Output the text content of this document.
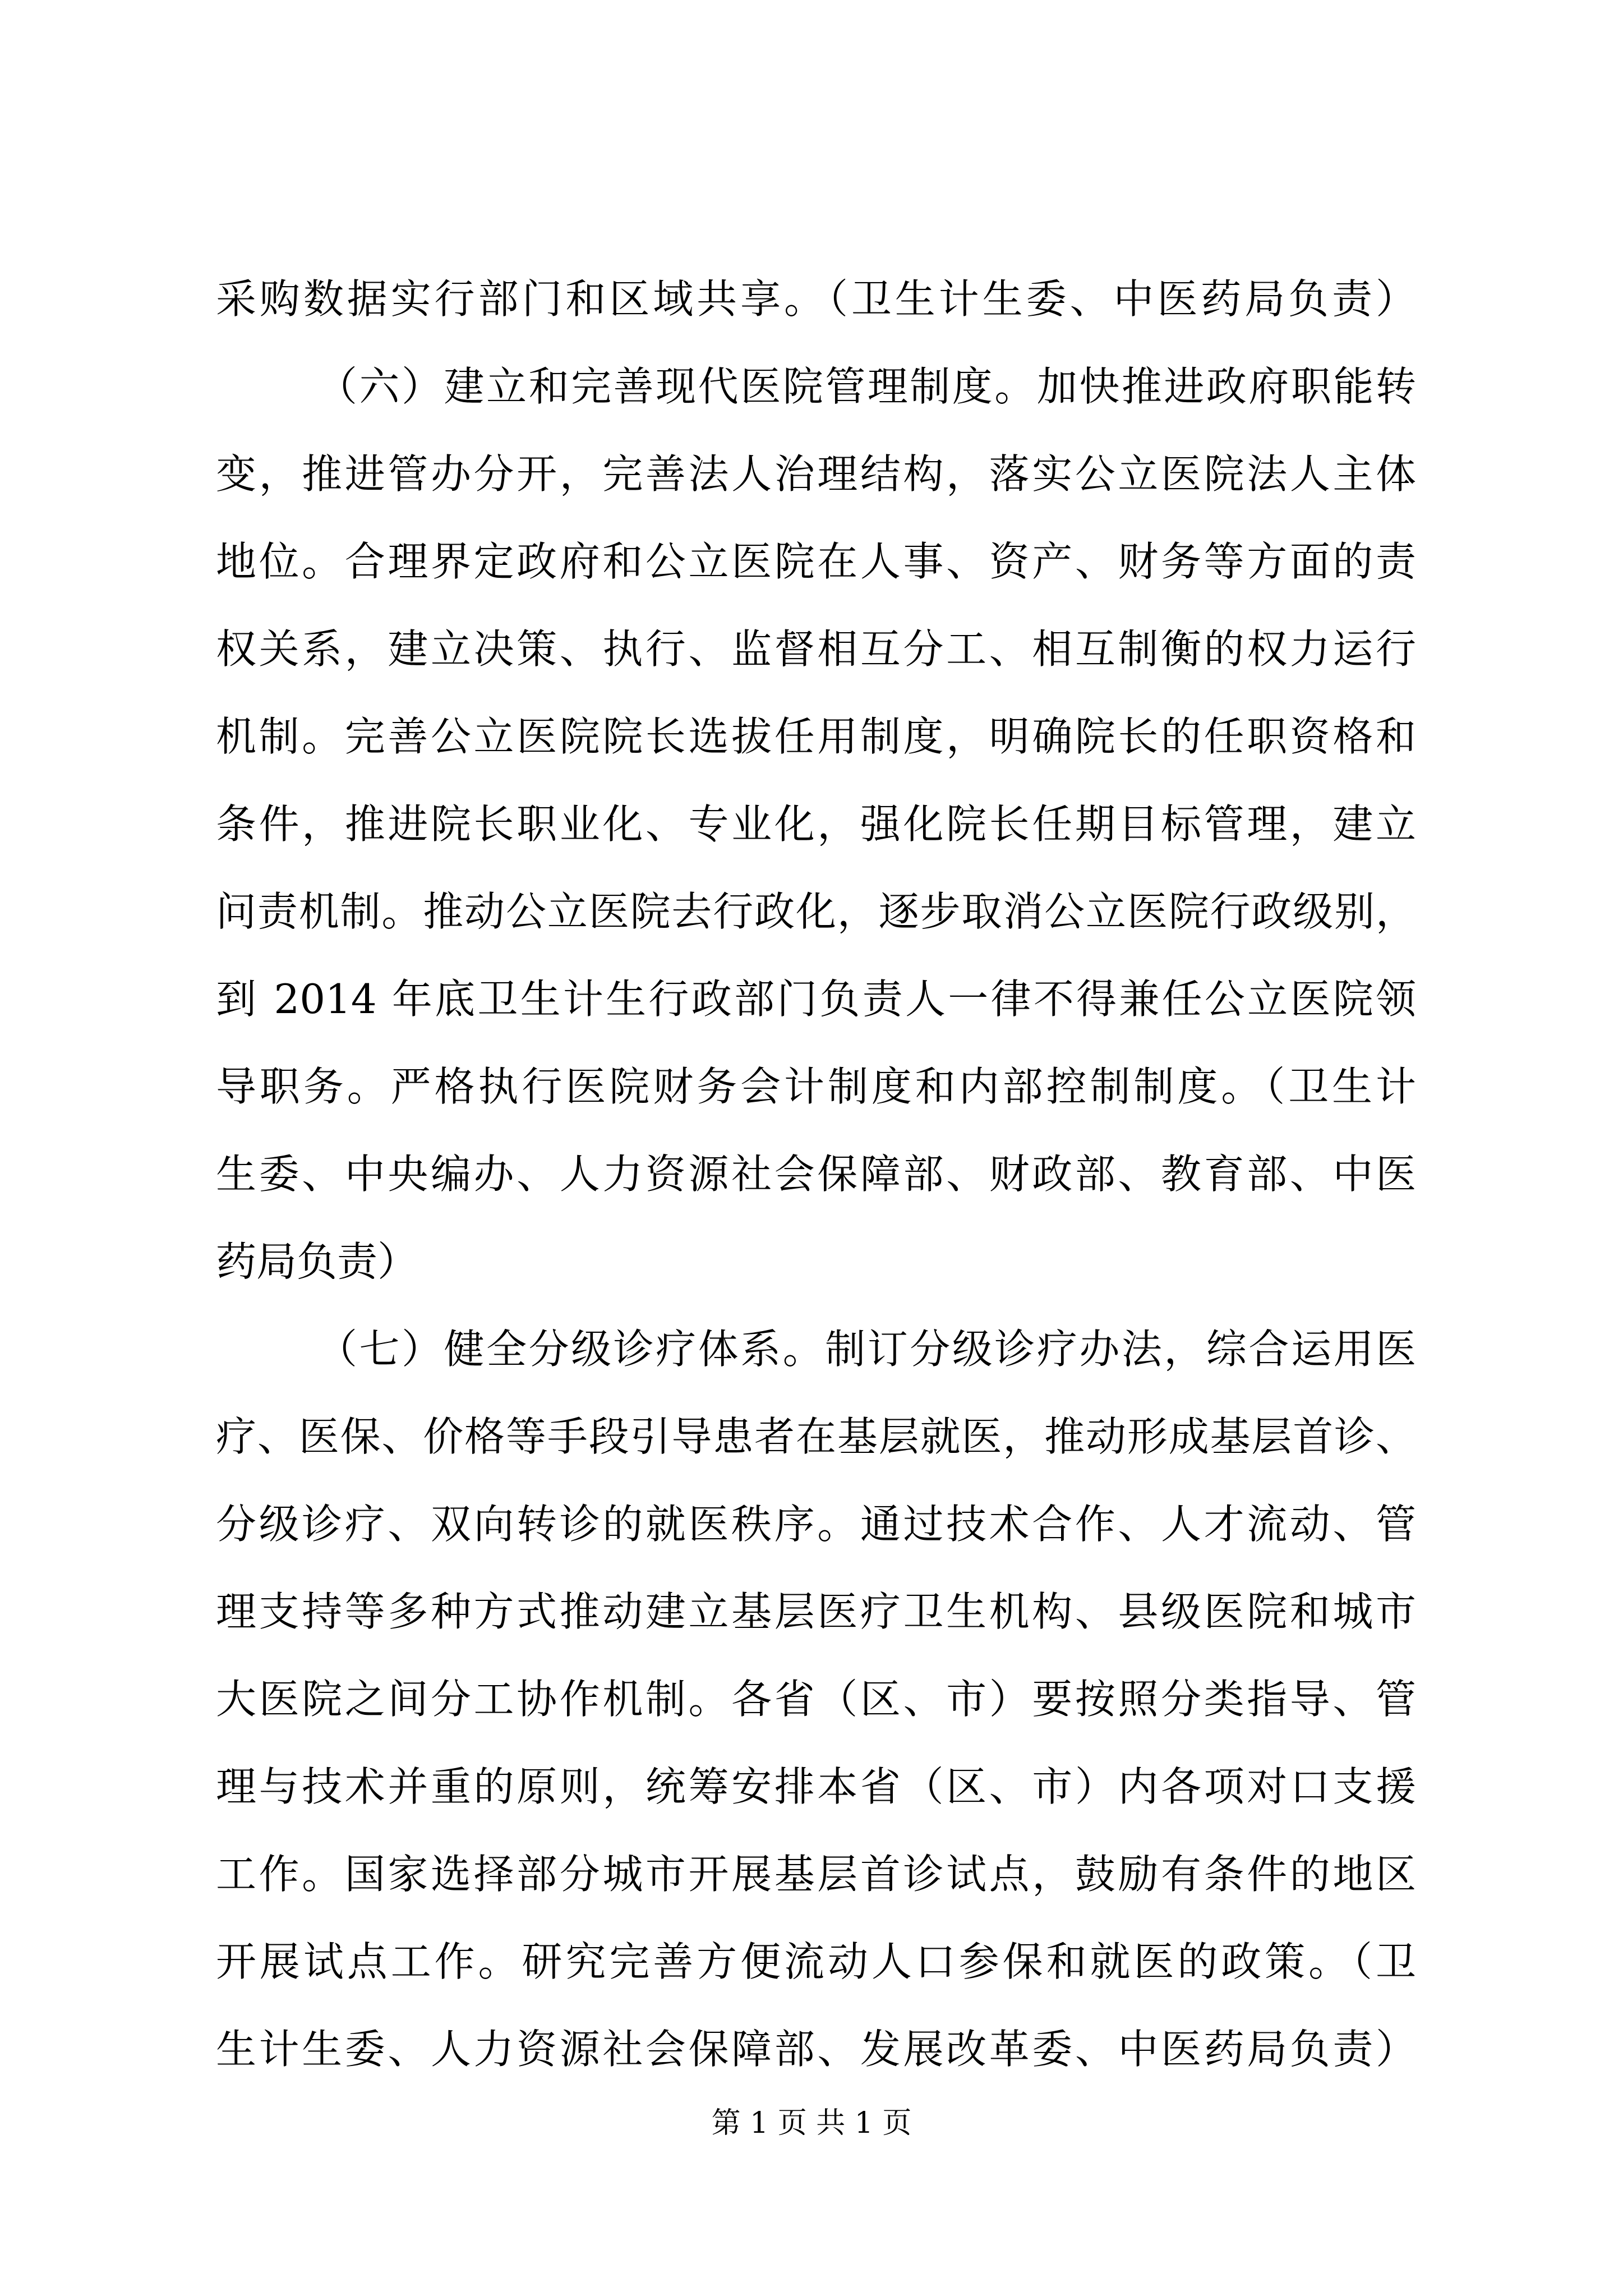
采购数据实行部门和区域共享。（卫生计生委、中医药局负责）
（六）建立和完善现代医院管理制度。加快推进政府职能转
变，推进管办分开，完善法人治理结构，落实公立医院法人主体
地位。合理界定政府和公立医院在人事、资产、财务等方面的责
权关系，建立决策、执行、监督相互分工、相互制衡的权力运行
机制。完善公立医院院长选拔任用制度，明确院长的任职资格和
条件，推进院长职业化、专业化，强化院长任期目标管理，建立
问责机制。推动公立医院去行政化，逐步取消公立医院行政级别，
到 2014 年底卫生计生行政部门负责人一律不得兼任公立医院领
导职务。严格执行医院财务会计制度和内部控制制度。（卫生计
生委、中央编办、人力资源社会保障部、财政部、教育部、中医
药局负责）
（七）健全分级诊疗体系。制订分级诊疗办法，综合运用医
疗、医保、价格等手段引导患者在基层就医，推动形成基层首诊、
分级诊疗、双向转诊的就医秩序。通过技术合作、人才流动、管
理支持等多种方式推动建立基层医疗卫生机构、县级医院和城市
大医院之间分工协作机制。各省（区、市）要按照分类指导、管
理与技术并重的原则，统筹安排本省（区、市）内各项对口支援
工作。国家选择部分城市开展基层首诊试点，鼓励有条件的地区
开展试点工作。研究完善方便流动人口参保和就医的政策。（卫
生计生委、人力资源社会保障部、发展改革委、中医药局负责）
第 1 页 共 1 页
